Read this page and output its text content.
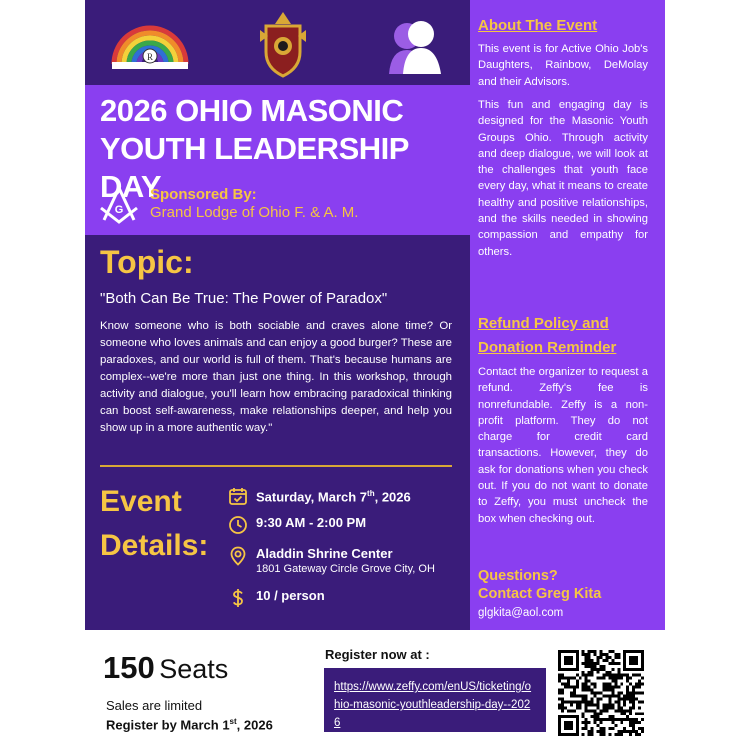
R
2026 OHIO MASONIC YOUTH LEADERSHIP DAY
G
Sponsored By:
Grand Lodge of Ohio F. & A. M.
Topic:
"Both Can Be True: The Power of Paradox"

Know someone who is both sociable and craves alone time? Or someone who loves animals and can enjoy a good burger? These are paradoxes, and our world is full of them. That's because humans are complex--we're more than just one thing. In this workshop, through activity and dialogue, you'll learn how embracing paradoxical thinking can boost self-awareness, make relationships deeper, and help you show up in a more authentic way."

Event
Details:
Saturday, March 7th, 2026
9:30 AM - 2:00 PM
Aladdin Shrine Center
1801 Gateway Circle Grove City, OH
10 / person
About The Event

This event is for Active Ohio Job's Daughters, Rainbow, DeMolay and their Advisors.

This fun and engaging day is designed for the Masonic Youth Groups Ohio. Through activity and deep dialogue, we will look at the challenges that youth face every day, what it means to create healthy and positive relationships, and the skills needed in showing compassion and empathy for others.

Refund Policy and
Donation Reminder

Contact the organizer to request a refund. Zeffy's fee is nonrefundable. Zeffy is a non-profit platform. They do not charge for credit card transactions. However, they do ask for donations when you check out. If you do not want to donate to Zeffy, you must uncheck the box when checking out.

Questions?
Contact Greg Kita
glgkita@aol.com
150 Seats
Sales are limited
Register by March 1st, 2026
Register now at :
https://www.zeffy.com/enUS/ticketing/ohio-masonic-youthleadership-day--2026
